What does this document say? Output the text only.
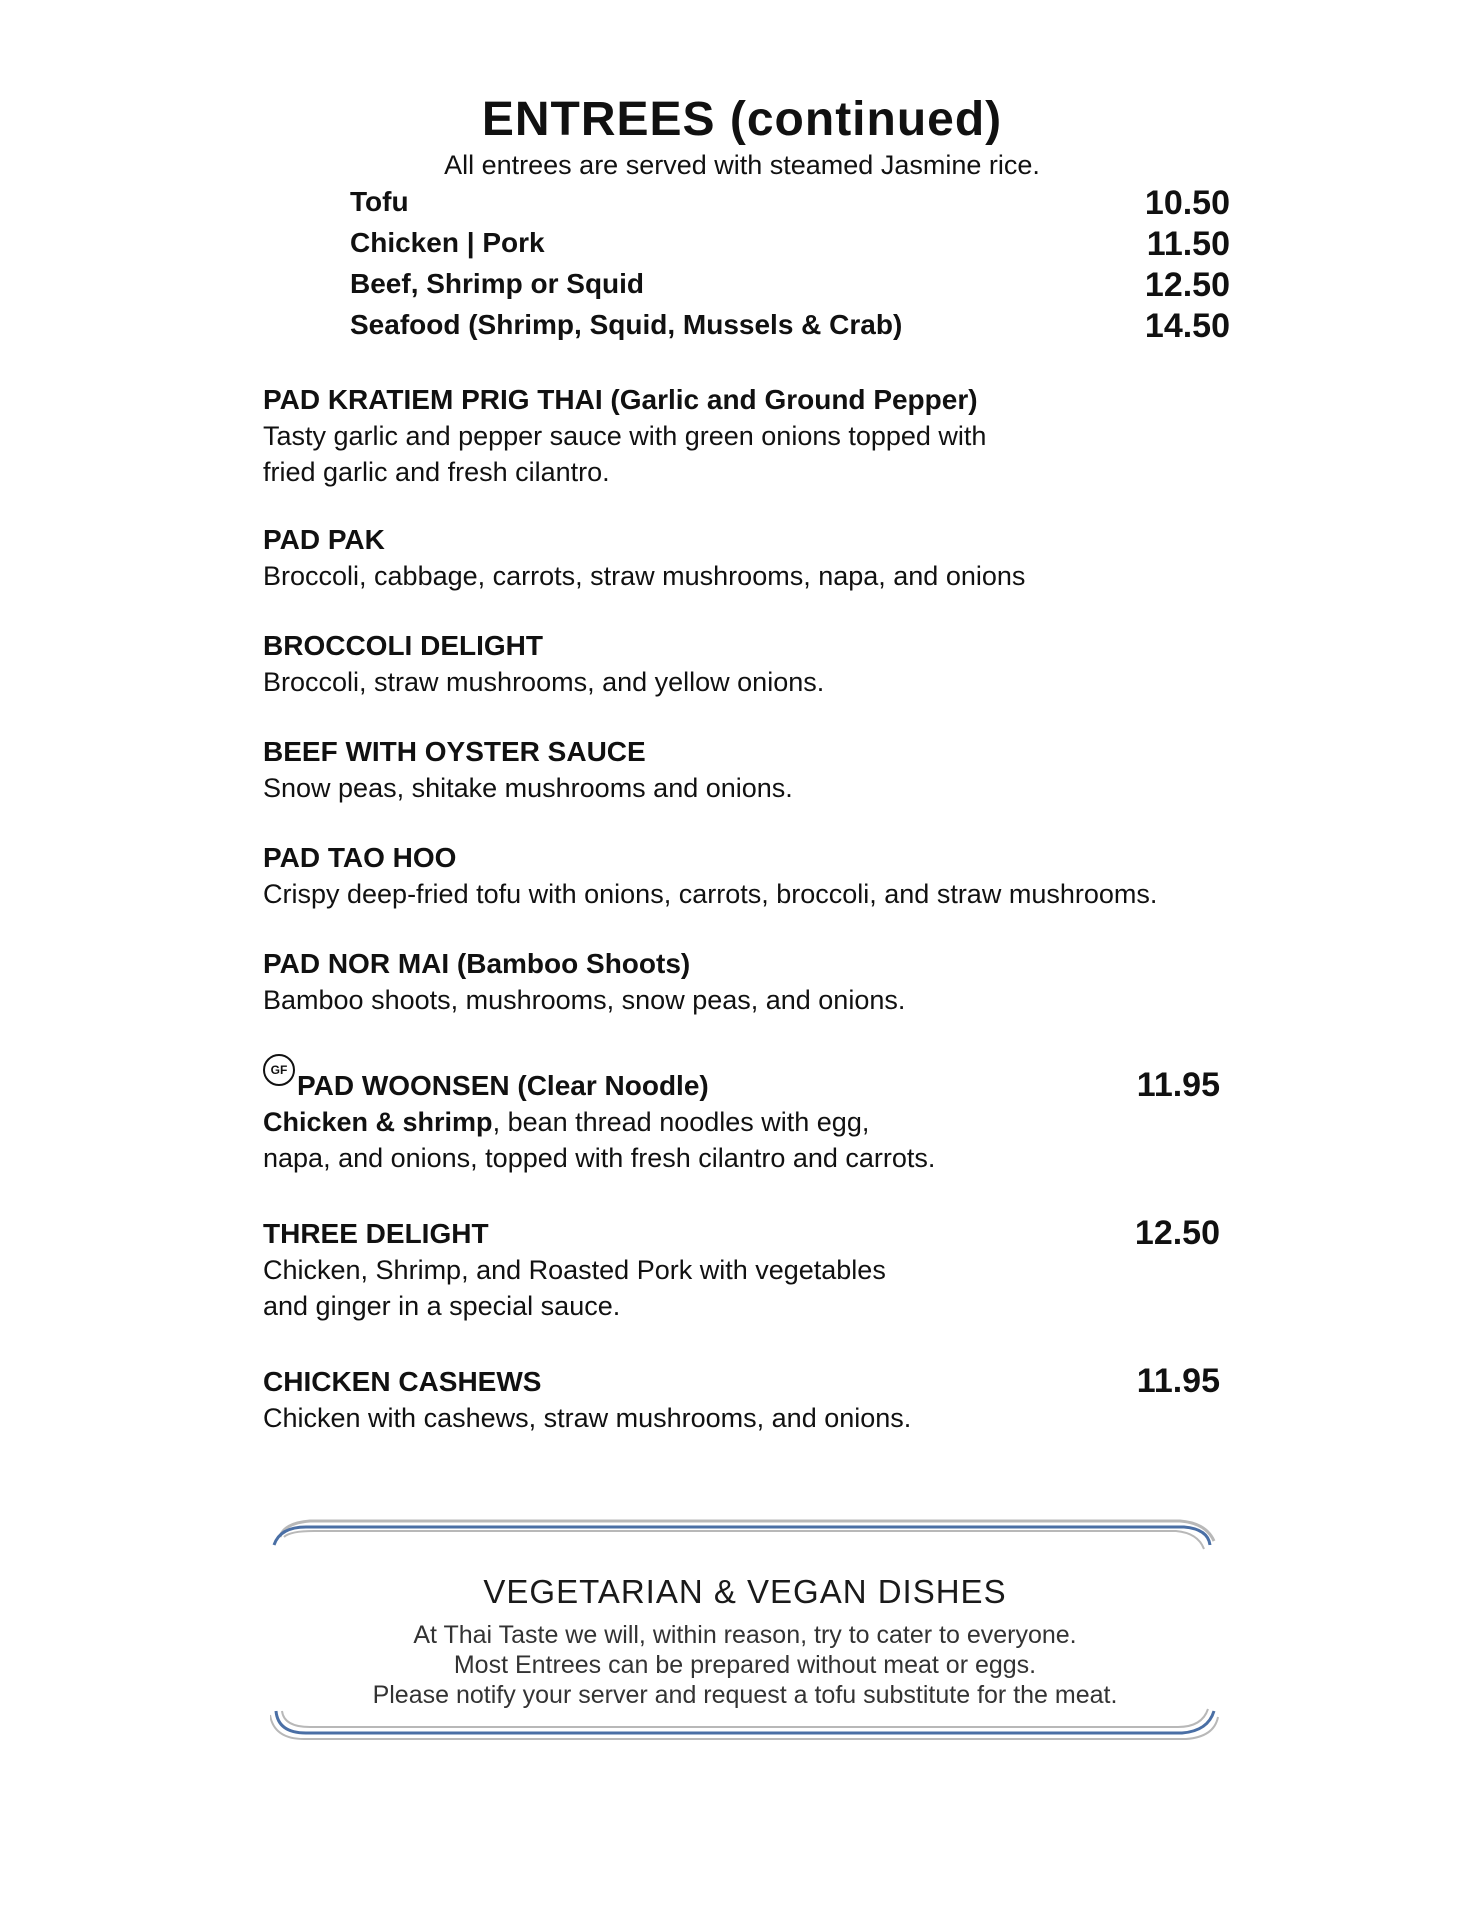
ENTREES (continued)
All entrees are served with steamed Jasmine rice.
Tofu	10.50
Chicken | Pork	11.50
Beef, Shrimp or Squid	12.50
Seafood (Shrimp, Squid, Mussels & Crab)	14.50
PAD KRATIEM PRIG THAI (Garlic and Ground Pepper)
Tasty garlic and pepper sauce with green onions topped with
fried garlic and fresh cilantro.
PAD PAK
Broccoli, cabbage, carrots, straw mushrooms, napa, and onions
BROCCOLI DELIGHT
Broccoli, straw mushrooms, and yellow onions.
BEEF WITH OYSTER SAUCE
Snow peas, shitake mushrooms and onions.
PAD TAO HOO
Crispy deep-fried tofu with onions, carrots, broccoli, and straw mushrooms.
PAD NOR MAI (Bamboo Shoots)
Bamboo shoots, mushrooms, snow peas, and onions.
GF PAD WOONSEN (Clear Noodle)	11.95
Chicken & shrimp, bean thread noodles with egg,
napa, and onions, topped with fresh cilantro and carrots.
THREE DELIGHT	12.50
Chicken, Shrimp, and Roasted Pork with vegetables
and ginger in a special sauce.
CHICKEN CASHEWS	11.95
Chicken with cashews, straw mushrooms, and onions.
VEGETARIAN & VEGAN DISHES
At Thai Taste we will, within reason, try to cater to everyone.
Most Entrees can be prepared without meat or eggs.
Please notify your server and request a tofu substitute for the meat.
